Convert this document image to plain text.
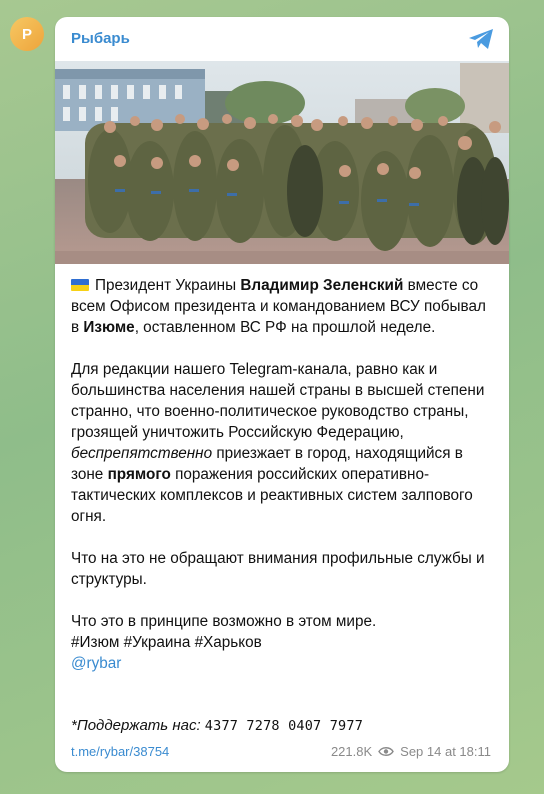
Р	Рыбарь

Президент Украины Владимир Зеленский вместе со всем Офисом президента и командованием ВСУ побывал в Изюме, оставленном ВС РФ на прошлой неделе.

Для редакции нашего Telegram-канала, равно как и большинства населения нашей страны в высшей степени странно, что военно-политическое руководство страны, грозящей уничтожить Российскую Федерацию, беспрепятственно приезжает в город, находящийся в зоне прямого поражения российских оперативно-тактических комплексов и реактивных систем залпового огня.

Что на это не обращают внимания профильные службы и структуры.

Что это в принципе возможно в этом мире.

#Изюм #Украина #Харьков

@rybar

*Поддержать нас: 4377 7278 0407 7977
t.me/rybar/38754	221.8K Sep 14 at 18:11
